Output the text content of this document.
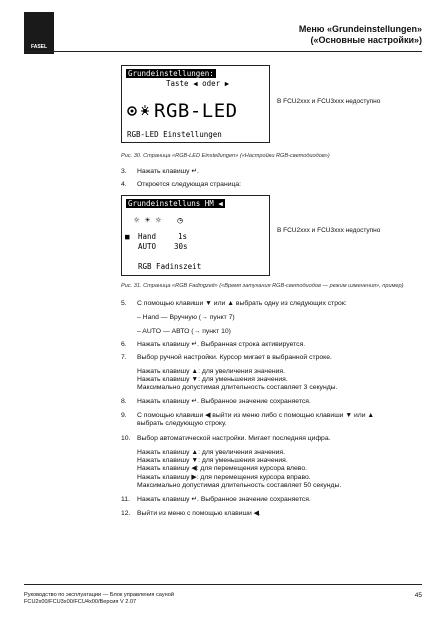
FASEL
Меню «Grundeinstellungen»
(«Основные настройки»)
Grundeinstellungen:
Taste ◀ oder ▶
RGB-LED
RGB-LED Einstellungen
В FCU2xxx и FCU3xxx недоступно
Рис. 30. Страница «RGB-LED Einstellungen» («Настройки RGB-светодиодов»)
3. Нажать клавишу ↵.
4. Откроется следующая страница:
Grundeinstelluns HM ◀
☼ ☀ ☼   ◷
■ Hand	1s
AUTO 30s
RGB Fadinszeit
В FCU2xxx и FCU3xxx недоступно
Рис. 31. Страница «RGB Fadingzeit» («Время затухания RGB-светодиодов — режим изменения», пример)
5. С помощью клавиши ▼ или ▲ выбрать одну из следующих строк:
– Hand — Вручную (→ пункт 7)
– AUTO — АВТО (→ пункт 10)
6. Нажать клавишу ↵. Выбранная строка активируется.
7. Выбор ручной настройки. Курсор мигает в выбранной строке.
Нажать клавишу ▲: для увеличения значения.
Нажать клавишу ▼: для уменьшения значения.
Максимально допустимая длительность составляет 3 секунды.
8. Нажать клавишу ↵. Выбранное значение сохраняется.
9. С помощью клавиши ◀ выйти из меню либо с помощью клавиши ▼ или ▲
выбрать следующую строку.
10. Выбор автоматической настройки. Мигает последняя цифра.
Нажать клавишу ▲: для увеличения значения.
Нажать клавишу ▼: для уменьшения значения.
Нажать клавишу ◀: для перемещения курсора влево.
Нажать клавишу ▶: для перемещения курсора вправо.
Максимально допустимая длительность составляет 50 секунды.
11. Нажать клавишу ↵. Выбранное значение сохраняется.
12. Выйти из меню с помощью клавиши ◀.
Руководство по эксплуатации — Блок управления сауной
FCU2x00/FCU3x00/FCU4x00/Версия V 2.07
45
